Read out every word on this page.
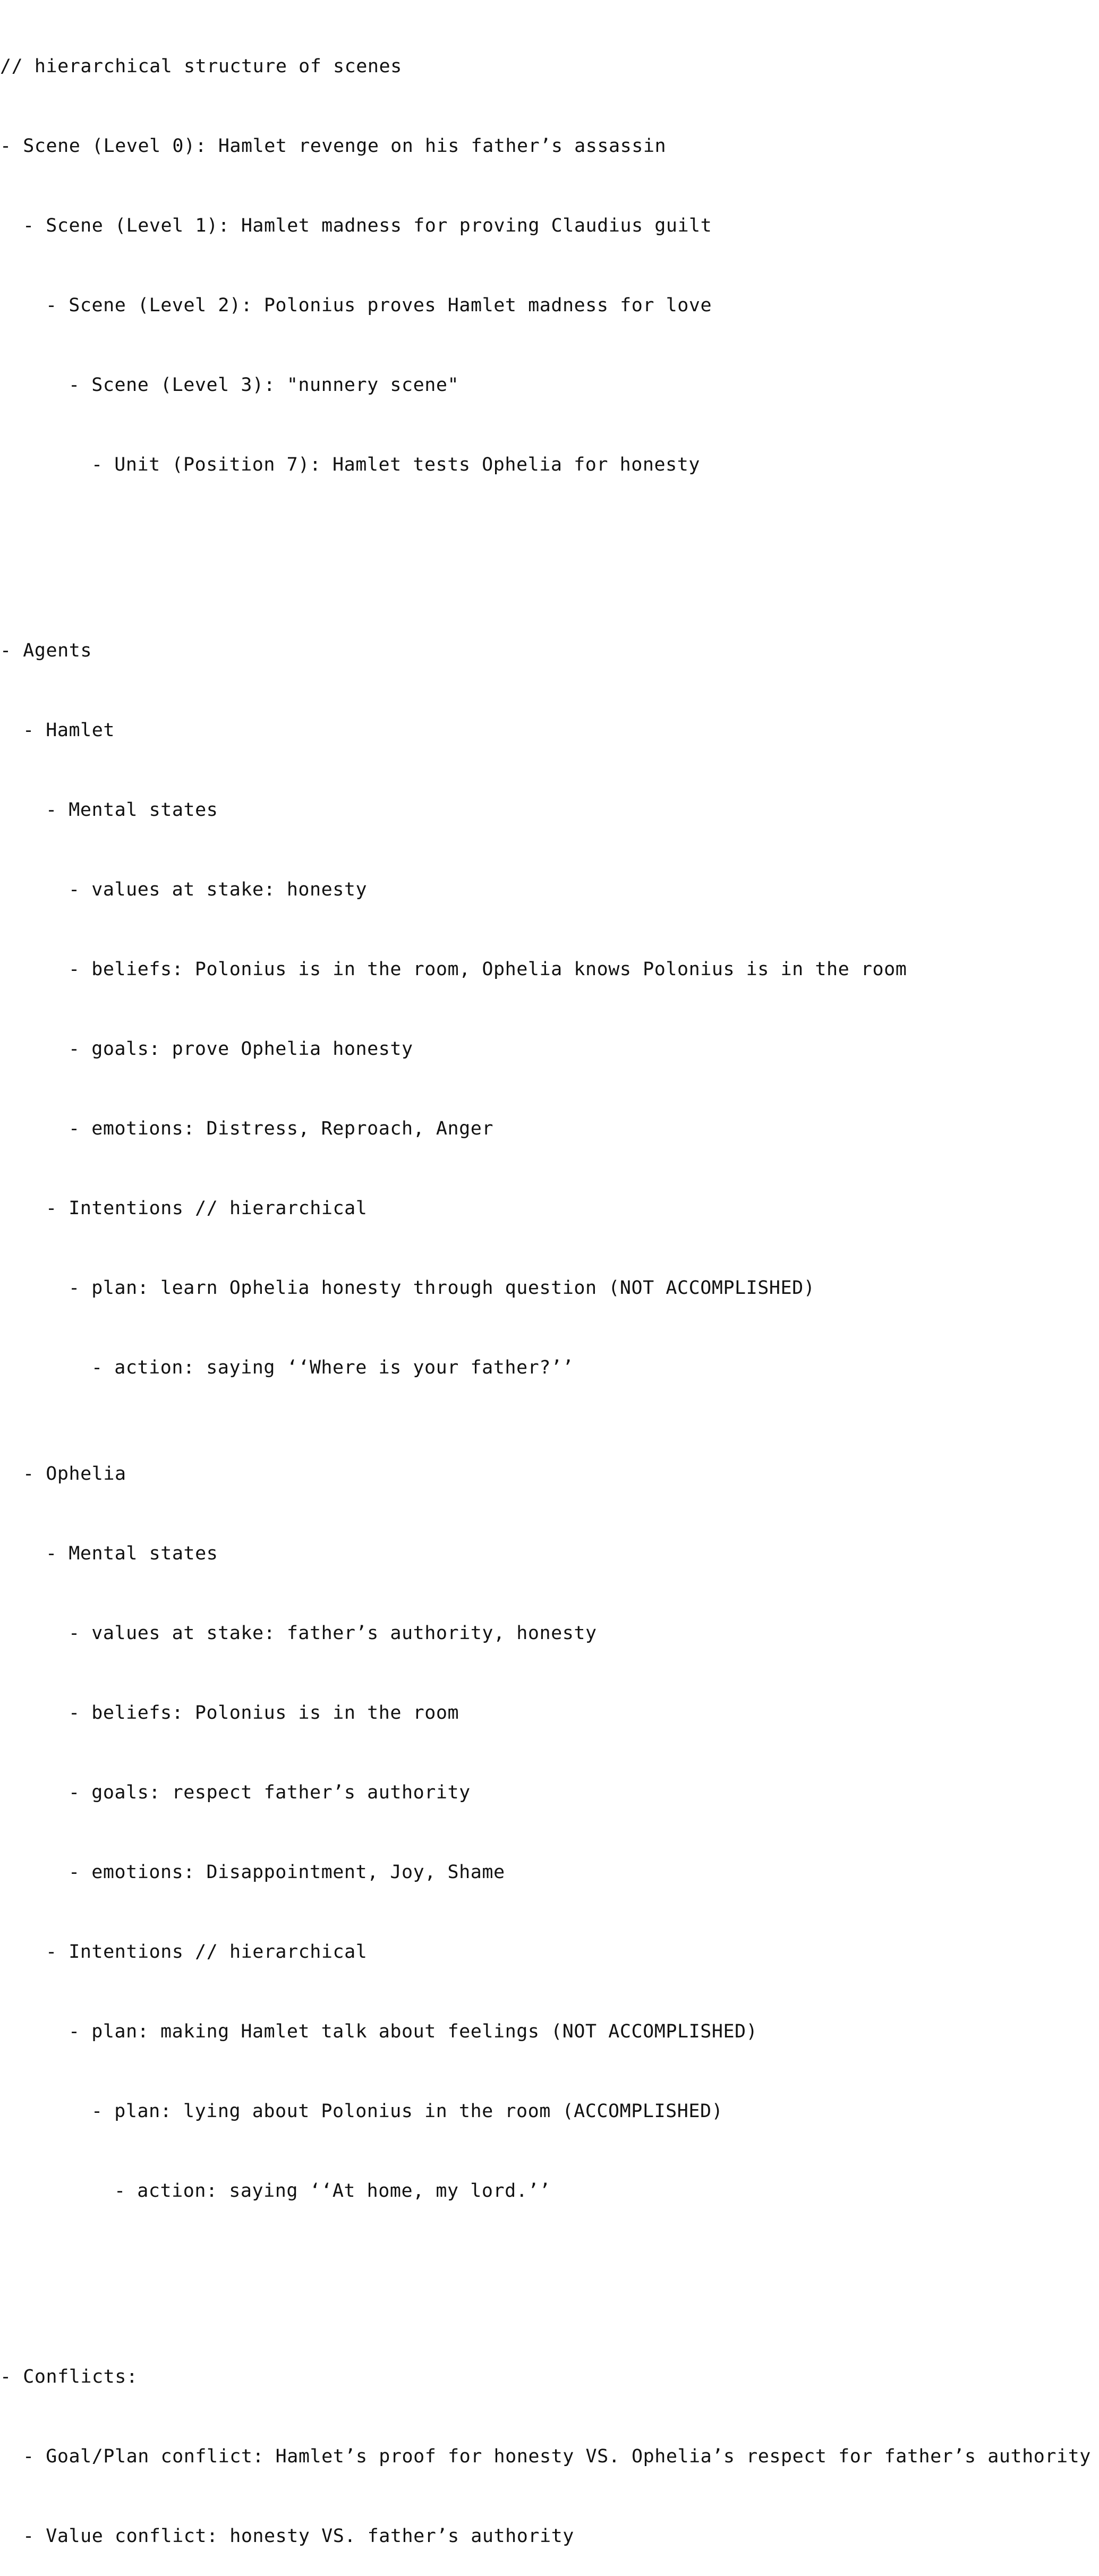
// hierarchical structure of scenes

- Scene (Level 0): Hamlet revenge on his father’s assassin

- Scene (Level 1): Hamlet madness for proving Claudius guilt

- Scene (Level 2): Polonius proves Hamlet madness for love

- Scene (Level 3): "nunnery scene"

- Unit (Position 7): Hamlet tests Ophelia for honesty

- Agents

- Hamlet

- Mental states

- values at stake: honesty

- beliefs: Polonius is in the room, Ophelia knows Polonius is in the room

- goals: prove Ophelia honesty

- emotions: Distress, Reproach, Anger

- Intentions // hierarchical

- plan: learn Ophelia honesty through question (NOT ACCOMPLISHED)

- action: saying ‘‘Where is your father?’’

- Ophelia

- Mental states

- values at stake: father’s authority, honesty

- beliefs: Polonius is in the room

- goals: respect father’s authority

- emotions: Disappointment, Joy, Shame

- Intentions // hierarchical

- plan: making Hamlet talk about feelings (NOT ACCOMPLISHED)

- plan: lying about Polonius in the room (ACCOMPLISHED)

- action: saying ‘‘At home, my lord.’’

- Conflicts:

- Goal/Plan conflict: Hamlet’s proof for honesty VS. Ophelia’s respect for father’s authority

- Value conflict: honesty VS. father’s authority
